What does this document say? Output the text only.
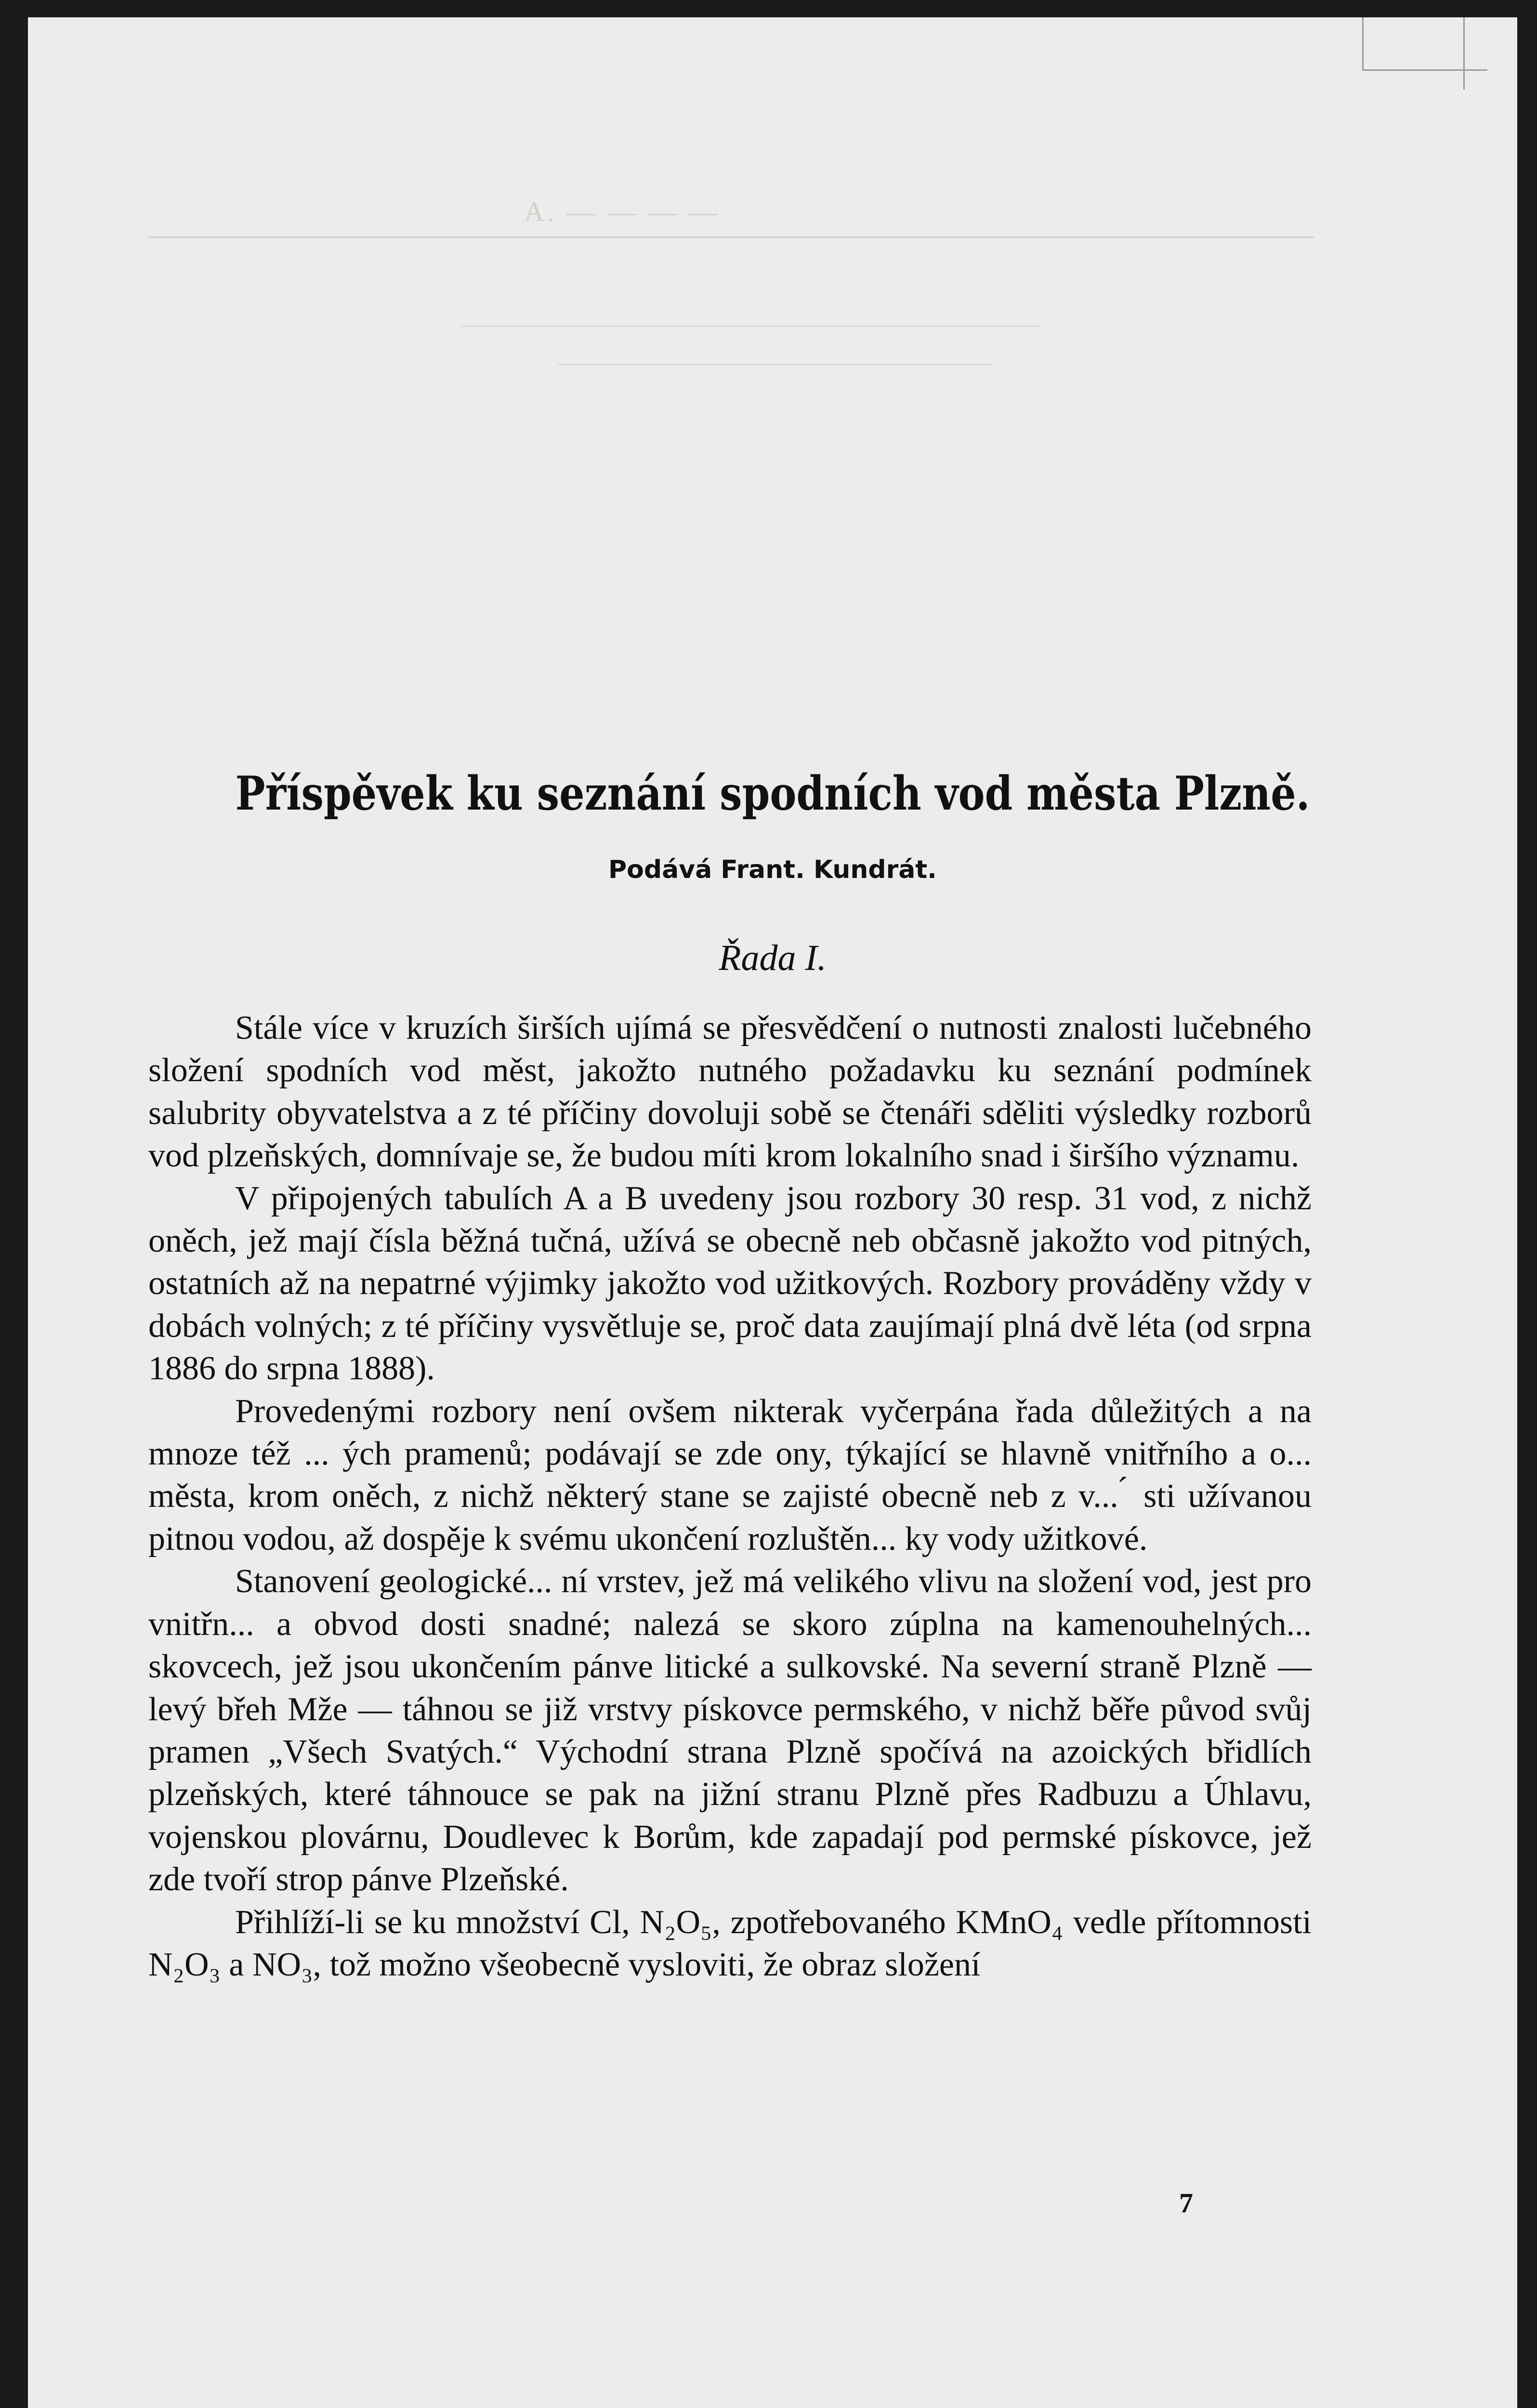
A. — — — —
Příspěvek ku seznání spodních vod města Plzně.
Podává Frant. Kundrát.
Řada I.

Stále více v kruzích širších ujímá se přesvědčení o nutnosti znalosti lučebného složení spodních vod měst, jakožto nutného požadavku ku seznání podmínek salubrity obyvatelstva a z té příčiny dovoluji sobě se čtenáři sděliti výsledky rozborů vod plzeňských, domnívaje se, že budou míti krom lokalního snad i širšího významu.

V připojených tabulích A a B uvedeny jsou rozbory 30 resp. 31 vod, z nichž oněch, jež mají čísla běžná tučná, užívá se obecně neb občasně jakožto vod pitných, ostatních až na nepatrné výjimky jakožto vod užitkových. Rozbory prováděny vždy v dobách volných; z té příčiny vysvětluje se, proč data zaujímají plná dvě léta (od srpna 1886 do srpna 1888).

Provedenými rozbory není ovšem nikterak vyčerpána řada důležitých a na mnoze též ... ých pramenů; podávají se zde ony, týkající se hlavně vnitřního a o... města, krom oněch, z nichž některý stane se zajisté obecně neb z v... ́ sti užívanou pitnou vodou, až dospěje k svému ukončení rozluštěn... ky vody užitkové.

Stanovení geologické... ní vrstev, jež má velikého vlivu na složení vod, jest pro vnitřn... a obvod dosti snadné; nalezá se skoro zúplna na kamenouhelných... skovcech, jež jsou ukončením pánve litické a sulkovské. Na severní straně Plzně — levý břeh Mže — táhnou se již vrstvy pískovce permského, v nichž běře původ svůj pramen „Všech Svatých.“ Východní strana Plzně spočívá na azoických břidlích plzeňských, které táhnouce se pak na jižní stranu Plzně přes Radbuzu a Úhlavu, vojenskou plovárnu, Doudlevec k Borům, kde zapadají pod permské pískovce, jež zde tvoří strop pánve Plzeňské.

Přihlíží-li se ku množství Cl, N₂O₅, zpotřebovaného KMnO₄ vedle přítomnosti N₂O₃ a NO₃, tož možno všeobecně vysloviti, že obraz složení

7
